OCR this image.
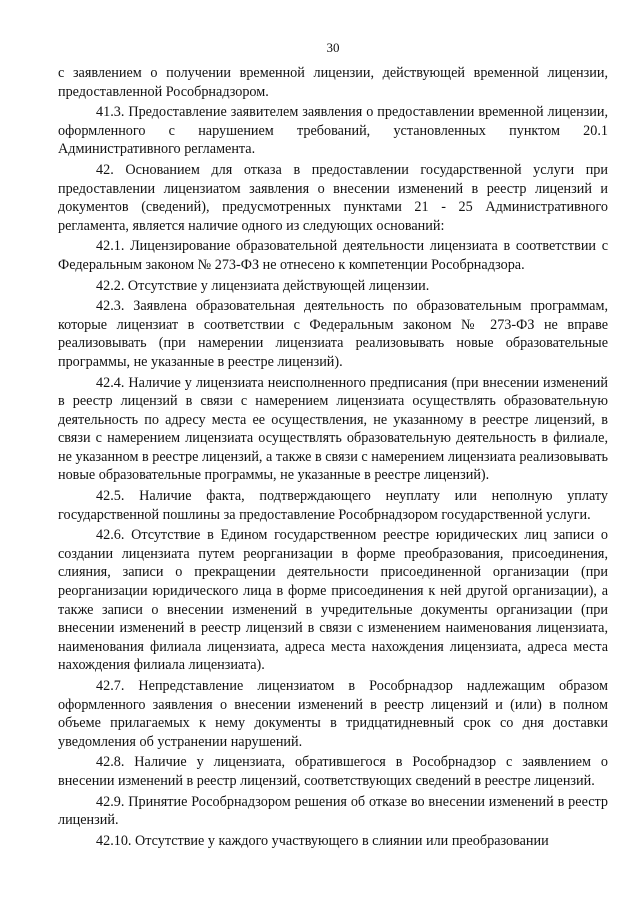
30

с заявлением о получении временной лицензии, действующей временной лицензии, предоставленной Рособрнадзором.

41.3. Предоставление заявителем заявления о предоставлении временной лицензии, оформленного с нарушением требований, установленных пунктом 20.1 Административного регламента.

42. Основанием для отказа в предоставлении государственной услуги при предоставлении лицензиатом заявления о внесении изменений в реестр лицензий и документов (сведений), предусмотренных пунктами 21 - 25 Административного регламента, является наличие одного из следующих оснований:

42.1. Лицензирование образовательной деятельности лицензиата в соответствии с Федеральным законом № 273-ФЗ не отнесено к компетенции Рособрнадзора.

42.2. Отсутствие у лицензиата действующей лицензии.

42.3. Заявлена образовательная деятельность по образовательным программам, которые лицензиат в соответствии с Федеральным законом № 273-ФЗ не вправе реализовывать (при намерении лицензиата реализовывать новые образовательные программы, не указанные в реестре лицензий).

42.4. Наличие у лицензиата неисполненного предписания (при внесении изменений в реестр лицензий в связи с намерением лицензиата осуществлять образовательную деятельность по адресу места ее осуществления, не указанному в реестре лицензий, в связи с намерением лицензиата осуществлять образовательную деятельность в филиале, не указанном в реестре лицензий, а также в связи с намерением лицензиата реализовывать новые образовательные программы, не указанные в реестре лицензий).

42.5. Наличие факта, подтверждающего неуплату или неполную уплату государственной пошлины за предоставление Рособрнадзором государственной услуги.

42.6. Отсутствие в Едином государственном реестре юридических лиц записи о создании лицензиата путем реорганизации в форме преобразования, присоединения, слияния, записи о прекращении деятельности присоединенной организации (при реорганизации юридического лица в форме присоединения к ней другой организации), а также записи о внесении изменений в учредительные документы организации (при внесении изменений в реестр лицензий в связи с изменением наименования лицензиата, наименования филиала лицензиата, адреса места нахождения лицензиата, адреса места нахождения филиала лицензиата).

42.7. Непредставление лицензиатом в Рособрнадзор надлежащим образом оформленного заявления о внесении изменений в реестр лицензий и (или) в полном объеме прилагаемых к нему документы в тридцатидневный срок со дня доставки уведомления об устранении нарушений.

42.8. Наличие у лицензиата, обратившегося в Рособрнадзор с заявлением о внесении изменений в реестр лицензий, соответствующих сведений в реестре лицензий.

42.9. Принятие Рособрнадзором решения об отказе во внесении изменений в реестр лицензий.

42.10. Отсутствие у каждого участвующего в слиянии или преобразовании
